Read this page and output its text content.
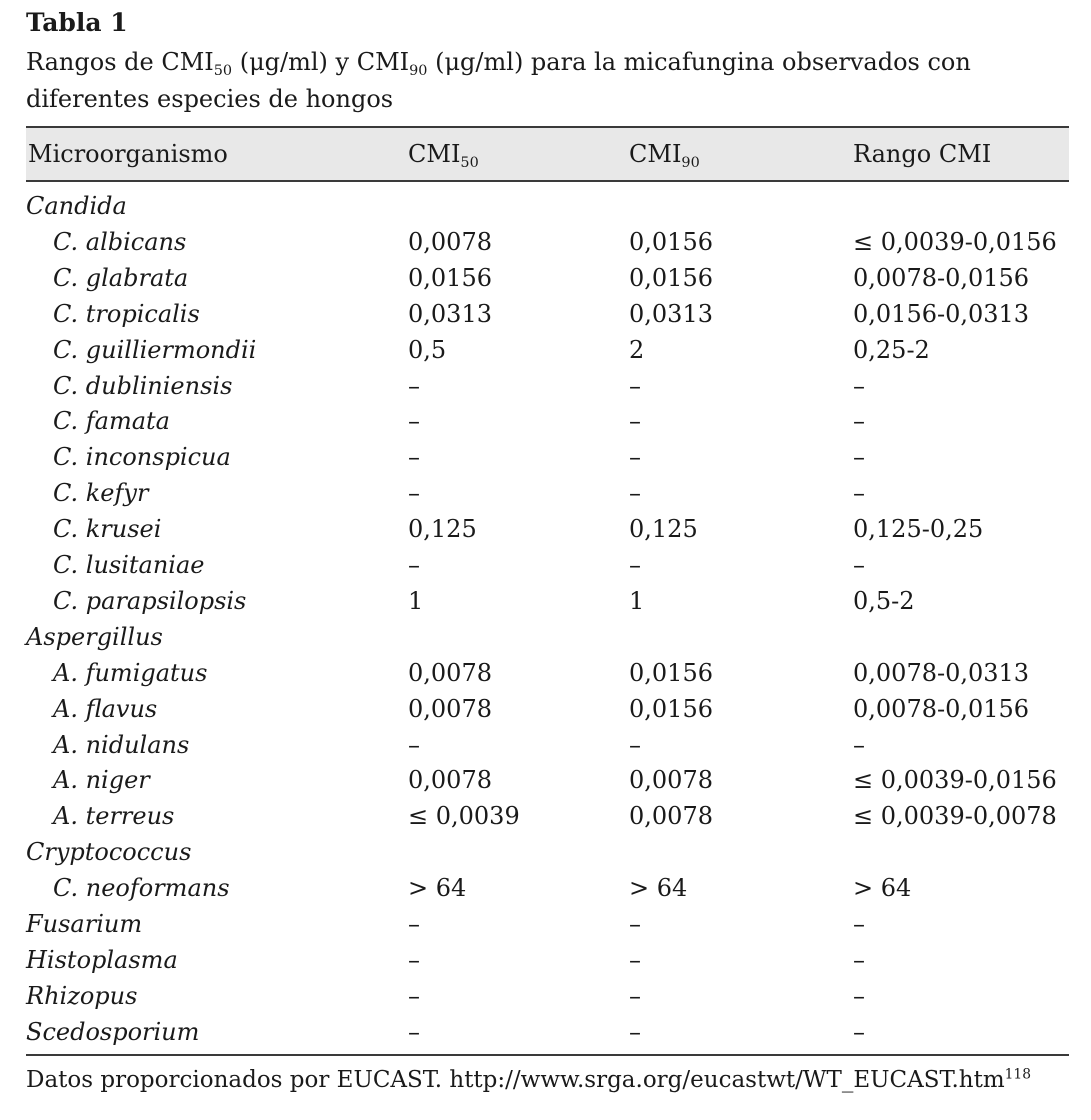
Tabla 1
Rangos de $CMI_{50}$ (μg/ml) y $CMI_{90}$ (μg/ml) para la micafungina observados con
diferentes especies de hongos
Microorganismo	$CMI_{50}$	$CMI_{90}$	Rango CMI
Candida
C. albicans	0,0078	0,0156	≤ 0,0039-0,0156
C. glabrata	0,0156	0,0156	0,0078-0,0156
C. tropicalis	0,0313	0,0313	0,0156-0,0313
C. guilliermondii	0,5	2	0,25-2
C. dubliniensis	–	–	–
C. famata	–	–	–
C. inconspicua	–	–	–
C. kefyr	–	–	–
C. krusei	0,125	0,125	0,125-0,25
C. lusitaniae	–	–	–
C. parapsilopsis	1	1	0,5-2
Aspergillus
A. fumigatus	0,0078	0,0156	0,0078-0,0313
A. flavus	0,0078	0,0156	0,0078-0,0156
A. nidulans	–	–	–
A. niger	0,0078	0,0078	≤ 0,0039-0,0156
A. terreus	≤ 0,0039	0,0078	≤ 0,0039-0,0078
Cryptococcus
C. neoformans	> 64	> 64	> 64
Fusarium	–	–	–
Histoplasma	–	–	–
Rhizopus	–	–	–
Scedosporium	–	–	–
Datos proporcionados por EUCAST. http://www.srga.org/eucastwt/WT_EUCAST.htm$^{118}$
